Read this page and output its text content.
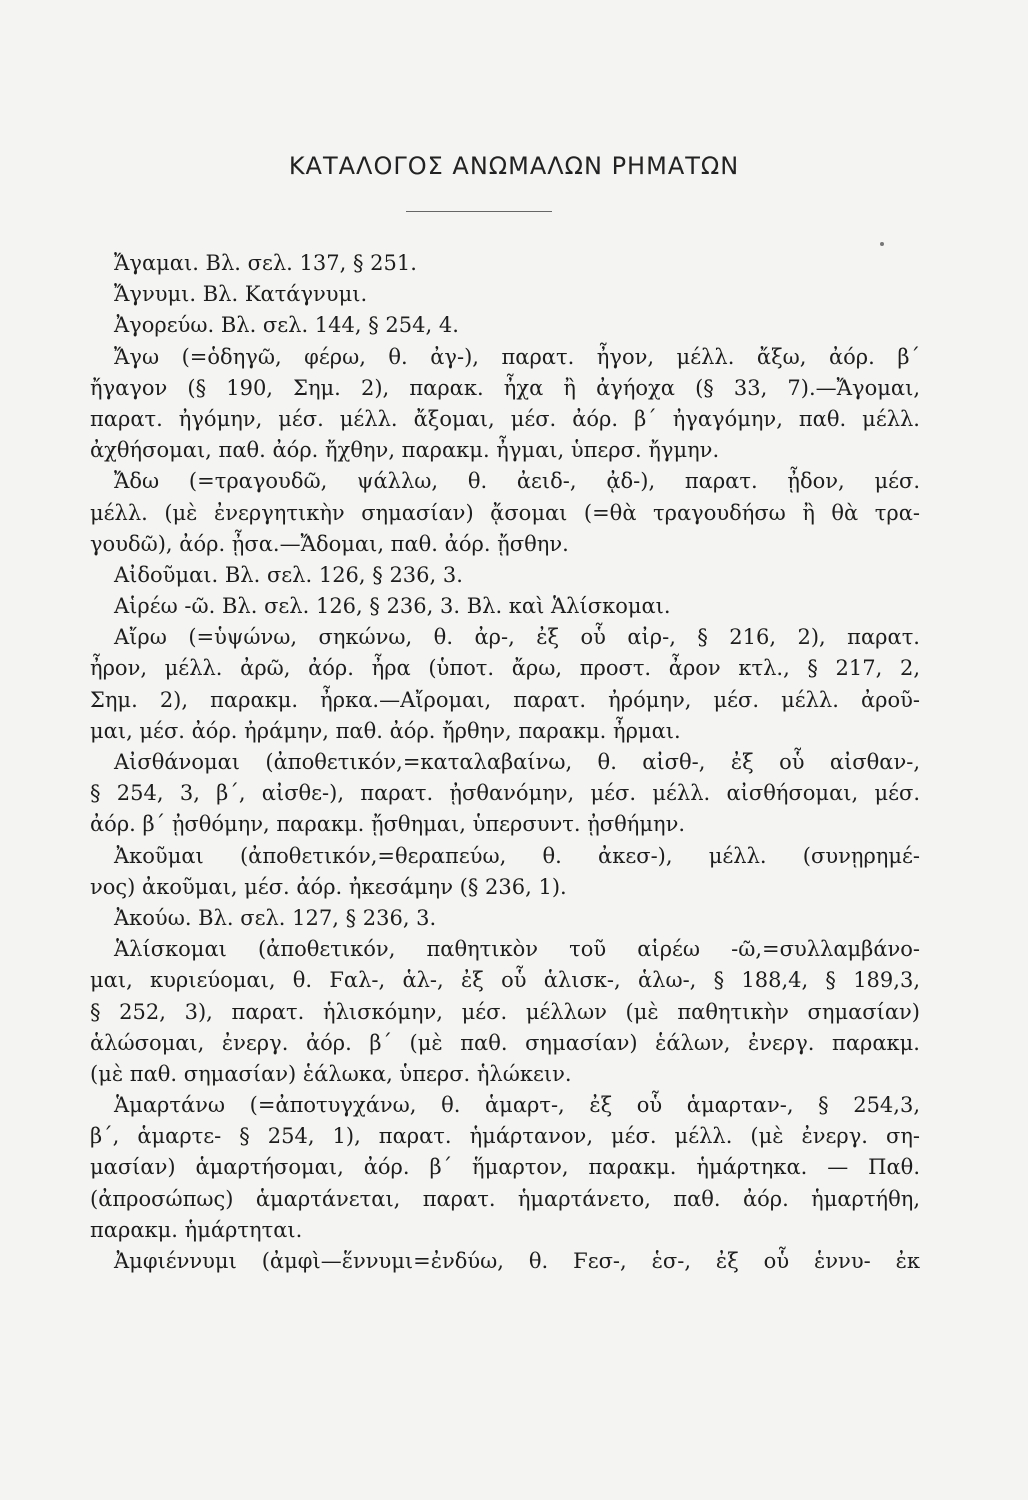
ΚΑΤΑΛΟΓΟΣ ΑΝΩΜΑΛΩΝ ΡΗΜΑΤΩΝ
Ἄγαμαι. Βλ. σελ. 137, § 251.
Ἄγνυμι. Βλ. Κατάγνυμι.
Ἀγορεύω. Βλ. σελ. 144, § 254, 4.
Ἄγω (=ὁδηγῶ, φέρω, θ. ἀγ-), παρατ. ἦγον, μέλλ. ἄξω, ἀόρ. β΄
ἤγαγον (§ 190, Σημ. 2), παρακ. ἦχα ἢ ἀγήοχα (§ 33, 7).—Ἄγομαι,
παρατ. ἠγόμην, μέσ. μέλλ. ἄξομαι, μέσ. ἀόρ. β΄ ἠγαγόμην, παθ. μέλλ.
ἀχθήσομαι, παθ. ἀόρ. ἤχθην, παρακμ. ἦγμαι, ὑπερσ. ἤγμην.
Ἄδω (=τραγουδῶ, ψάλλω, θ. ἀειδ-, ᾀδ-), παρατ. ᾖδον, μέσ.
μέλλ. (μὲ ἐνεργητικὴν σημασίαν) ᾄσομαι (=θὰ τραγουδήσω ἢ θὰ τρα-
γουδῶ), ἀόρ. ᾖσα.—Ἄδομαι, παθ. ἀόρ. ᾔσθην.
Αἰδοῦμαι. Βλ. σελ. 126, § 236, 3.
Αἱρέω -ῶ. Βλ. σελ. 126, § 236, 3. Βλ. καὶ Ἁλίσκομαι.
Αἴρω (=ὑψώνω, σηκώνω, θ. ἀρ-, ἐξ οὗ αἰρ-, § 216, 2), παρατ.
ἦρον, μέλλ. ἀρῶ, ἀόρ. ἦρα (ὑποτ. ἄρω, προστ. ἆρον κτλ., § 217, 2,
Σημ. 2), παρακμ. ἦρκα.—Αἴρομαι, παρατ. ἠρόμην, μέσ. μέλλ. ἀροῦ-
μαι, μέσ. ἀόρ. ἠράμην, παθ. ἀόρ. ἤρθην, παρακμ. ἦρμαι.
Αἰσθάνομαι (ἀποθετικόν,=καταλαβαίνω, θ. αἰσθ-, ἐξ οὗ αἰσθαν-,
§ 254, 3, β΄, αἰσθε-), παρατ. ᾐσθανόμην, μέσ. μέλλ. αἰσθήσομαι, μέσ.
ἀόρ. β΄ ᾐσθόμην, παρακμ. ᾔσθημαι, ὑπερσυντ. ᾐσθήμην.
Ἀκοῦμαι (ἀποθετικόν,=θεραπεύω, θ. ἀκεσ-), μέλλ. (συνῃρημέ-
νος) ἀκοῦμαι, μέσ. ἀόρ. ἠκεσάμην (§ 236, 1).
Ἀκούω. Βλ. σελ. 127, § 236, 3.
Ἁλίσκομαι (ἀποθετικόν, παθητικὸν τοῦ αἱρέω -ῶ,=συλλαμβάνο-
μαι, κυριεύομαι, θ. Ϝαλ-, ἁλ-, ἐξ οὗ ἁλισκ-, ἁλω-, § 188,4, § 189,3,
§ 252, 3), παρατ. ἡλισκόμην, μέσ. μέλλων (μὲ παθητικὴν σημασίαν)
ἁλώσομαι, ἐνεργ. ἀόρ. β΄ (μὲ παθ. σημασίαν) ἑάλων, ἐνεργ. παρακμ.
(μὲ παθ. σημασίαν) ἑάλωκα, ὑπερσ. ἡλώκειν.
Ἁμαρτάνω (=ἀποτυγχάνω, θ. ἁμαρτ-, ἐξ οὗ ἁμαρταν-, § 254,3,
β΄, ἁμαρτε- § 254, 1), παρατ. ἡμάρτανον, μέσ. μέλλ. (μὲ ἐνεργ. ση-
μασίαν) ἁμαρτήσομαι, ἀόρ. β΄ ἥμαρτον, παρακμ. ἡμάρτηκα. — Παθ.
(ἀπροσώπως) ἁμαρτάνεται, παρατ. ἡμαρτάνετο, παθ. ἀόρ. ἡμαρτήθη,
παρακμ. ἡμάρτηται.
Ἀμφιέννυμι (ἀμφὶ—ἕννυμι=ἐνδύω, θ. Ϝεσ-, ἑσ-, ἐξ οὗ ἑννυ- ἐκ
